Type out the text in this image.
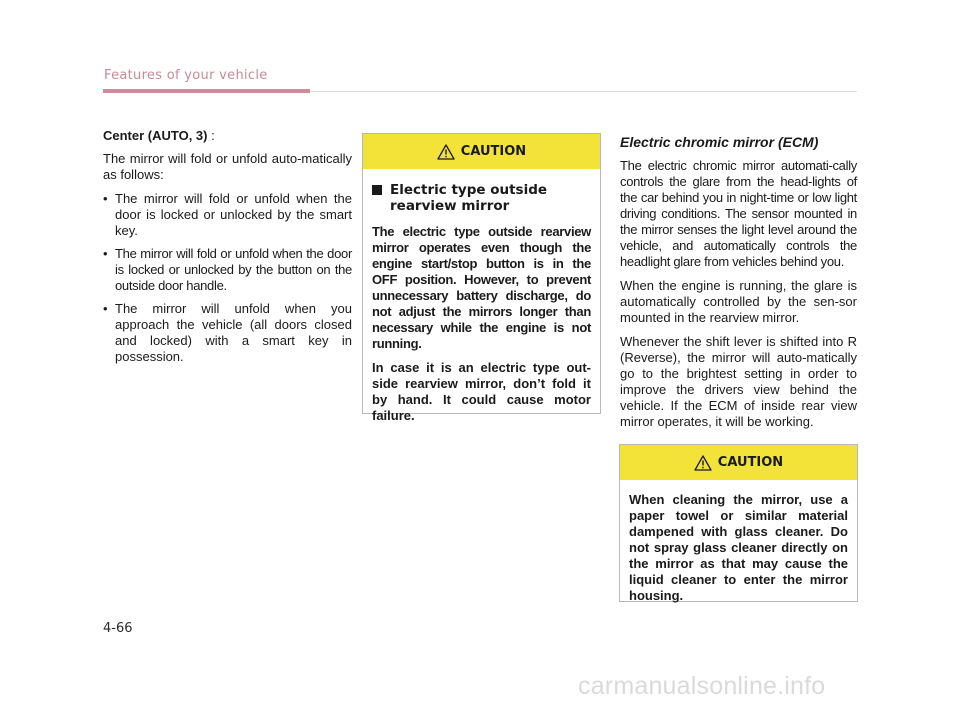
Features of your vehicle

Center (AUTO, 3) :

The mirror will fold or unfold auto-matically as follows:

• The mirror will fold or unfold when the door is locked or unlocked by the smart key.
• The mirror will fold or unfold when the door is locked or unlocked by the button on the outside door handle.
• The mirror will unfold when you approach the vehicle (all doors closed and locked) with a smart key in possession.
CAUTION
Electric type outside rearview mirror

The electric type outside rearview mirror operates even though the engine start/stop button is in the OFF position. However, to prevent unnecessary battery discharge, do not adjust the mirrors longer than necessary while the engine is not running.

In case it is an electric type out-side rearview mirror, don’t fold it by hand. It could cause motor failure.

Electric chromic mirror (ECM)

The electric chromic mirror automati-cally controls the glare from the head-lights of the car behind you in night-time or low light driving conditions. The sensor mounted in the mirror senses the light level around the vehicle, and automatically controls the headlight glare from vehicles behind you.

When the engine is running, the glare is automatically controlled by the sen-sor mounted in the rearview mirror.

Whenever the shift lever is shifted into R (Reverse), the mirror will auto-matically go to the brightest setting in order to improve the drivers view behind the vehicle. If the ECM of inside rear view mirror operates, it will be working.

CAUTION

When cleaning the mirror, use a paper towel or similar material dampened with glass cleaner. Do not spray glass cleaner directly on the mirror as that may cause the liquid cleaner to enter the mirror housing.

4-66
carmanualsonline.info
